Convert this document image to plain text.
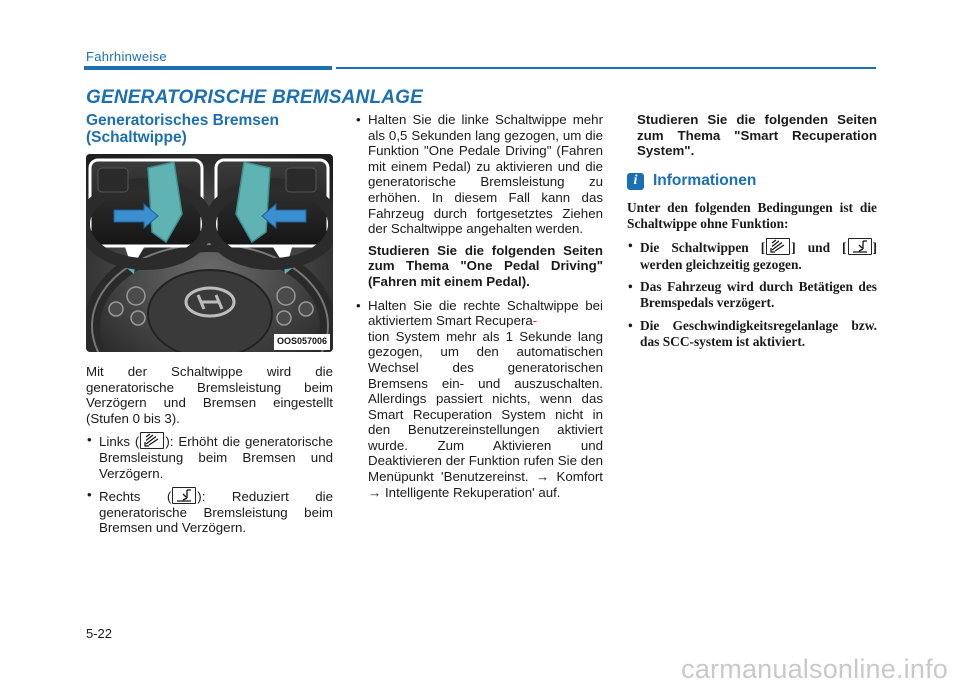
Fahrhinweise
GENERATORISCHE BREMSANLAGE
Generatorisches Bremsen (Schaltwippe)
OOS057006

Mit der Schaltwippe wird die generatorische Bremsleistung beim Verzögern und Bremsen eingestellt (Stufen 0 bis 3).

• Links ( ): Erhöht die generatorische Bremsleistung beim Bremsen und Verzögern.
• Rechts ( ): Reduziert die generatorische Bremsleistung beim Bremsen und Verzögern.
• Halten Sie die linke Schaltwippe mehr als 0,5 Sekunden lang gezogen, um die Funktion "One Pedale Driving" (Fahren mit einem Pedal) zu aktivieren und die generatorische Bremsleistung zu erhöhen. In diesem Fall kann das Fahrzeug durch fortgesetztes Ziehen der Schaltwippe angehalten werden.
Studieren Sie die folgenden Seiten zum Thema "One Pedal Driving" (Fahren mit einem Pedal).
• Halten Sie die rechte Schaltwippe bei aktiviertem Smart Recupera-
tion System mehr als 1 Sekunde lang gezogen, um den automatischen Wechsel des generatorischen Bremsens ein- und auszuschalten. Allerdings passiert nichts, wenn das Smart Recuperation System nicht in den Benutzereinstellungen aktiviert wurde. Zum Aktivieren und Deaktivieren der Funktion rufen Sie den Menüpunkt 'Benutzereinst. → Komfort → Intelligente Rekuperation' auf.
Studieren Sie die folgenden Seiten zum Thema "Smart Recuperation System".
i	Informationen

Unter den folgenden Bedingungen ist die Schaltwippe ohne Funktion:

• Die Schaltwippen [ ] und [ ] werden gleichzeitig gezogen.
• Das Fahrzeug wird durch Betätigen des Bremspedals verzögert.
• Die Geschwindigkeitsregelanlage bzw. das SCC-system ist aktiviert.
5-22
carmanualsonline.info
